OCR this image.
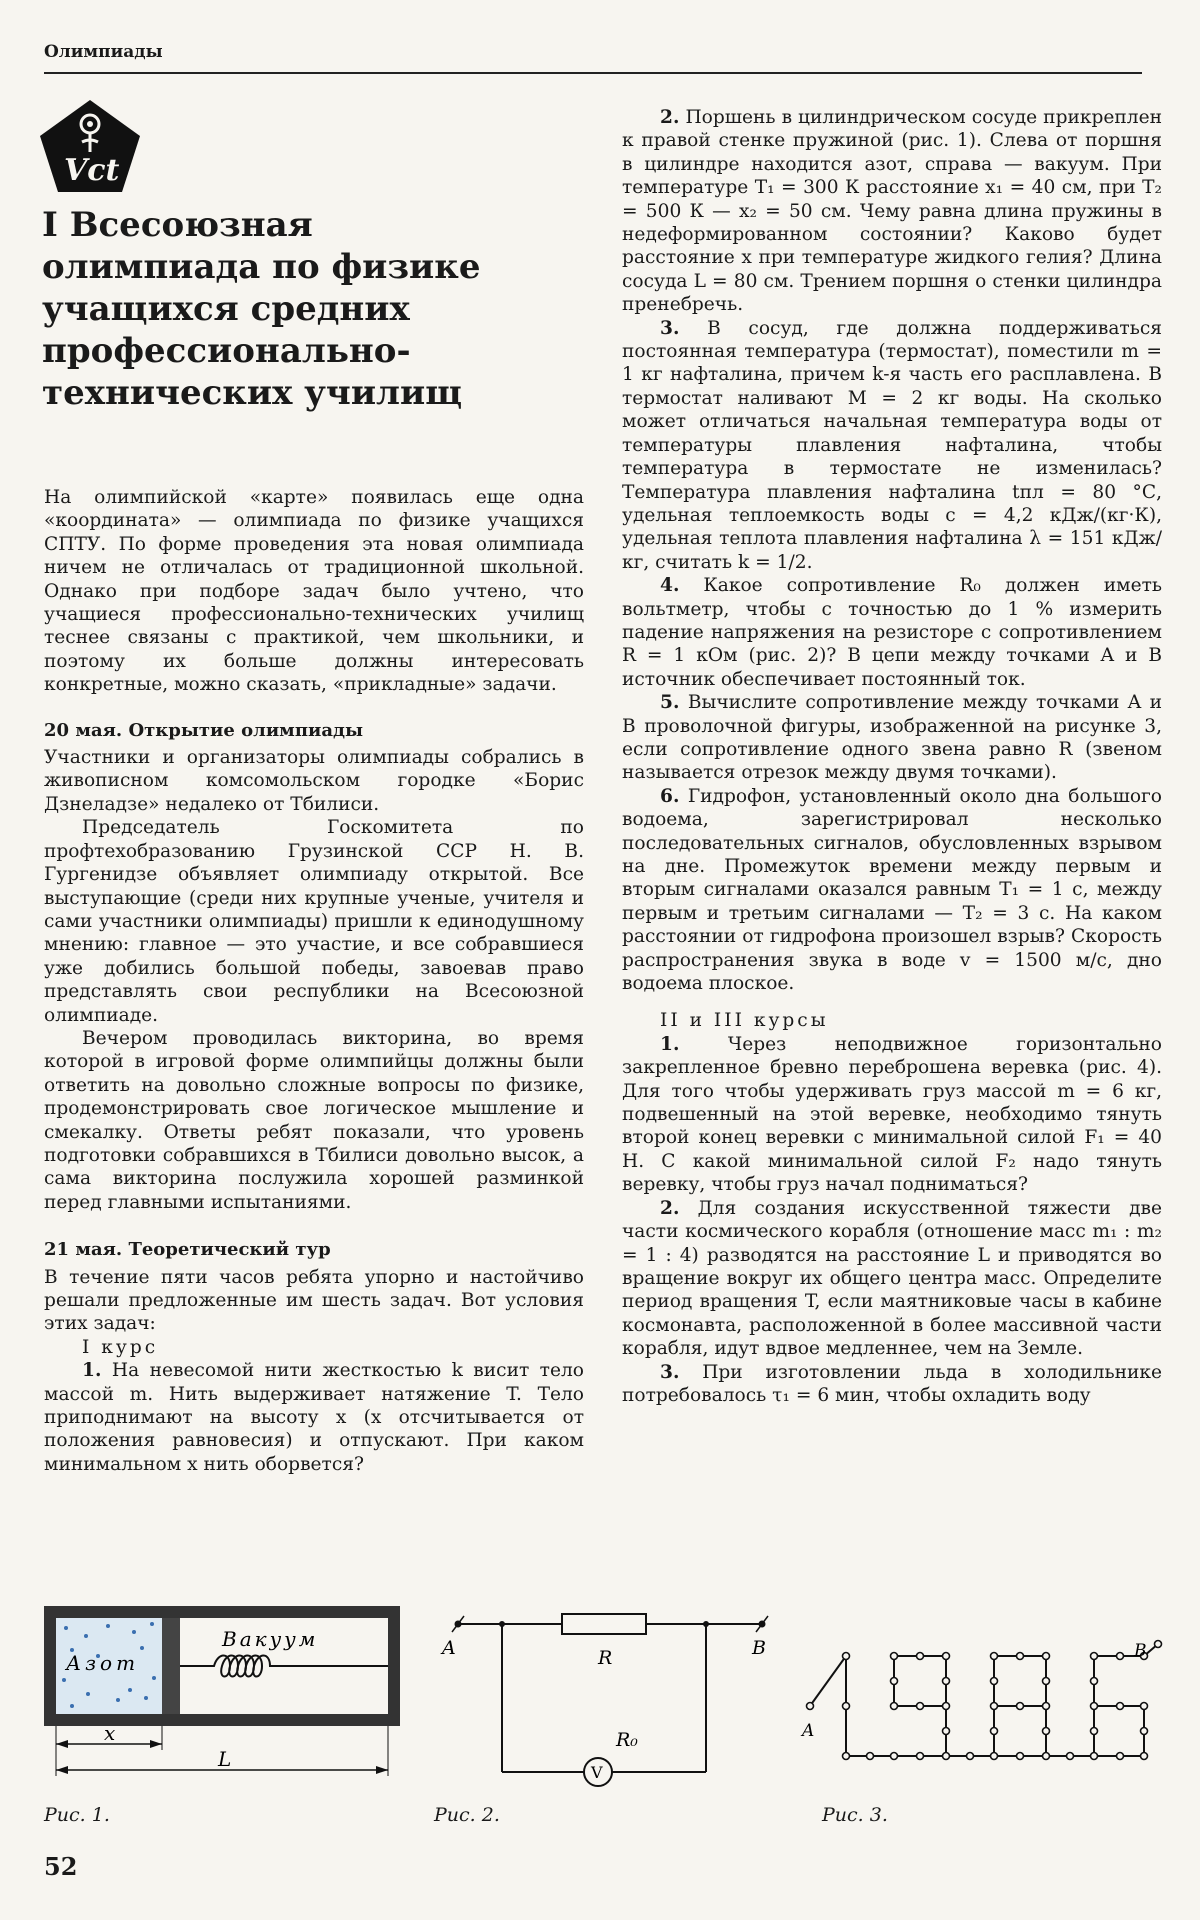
Олимпиады
Vct
I Всесоюзная
олимпиада по физике
учащихся средних
профессионально-
технических училищ

На олимпийской «карте» появилась еще одна «координата» — олимпиада по физике учащихся СПТУ. По форме проведения эта новая олимпиада ничем не отличалась от традиционной школьной. Однако при подборе задач было учтено, что учащиеся профессионально-технических училищ теснее связаны с практикой, чем школьники, и поэтому их больше должны интересовать конкретные, можно сказать, «прикладные» задачи.

20 мая. Открытие олимпиады

Участники и организаторы олимпиады собрались в живописном комсомольском городке «Борис Дзнеладзе» недалеко от Тбилиси.

Председатель Госкомитета по профтехобразованию Грузинской ССР Н. В. Гургенидзе объявляет олимпиаду открытой. Все выступающие (среди них крупные ученые, учителя и сами участники олимпиады) пришли к единодушному мнению: главное — это участие, и все собравшиеся уже добились большой победы, завоевав право представлять свои республики на Всесоюзной олимпиаде.

Вечером проводилась викторина, во время которой в игровой форме олимпийцы должны были ответить на довольно сложные вопросы по физике, продемонстрировать свое логическое мышление и смекалку. Ответы ребят показали, что уровень подготовки собравшихся в Тбилиси довольно высок, а сама викторина послужила хорошей разминкой перед главными испытаниями.

21 мая. Теоретический тур

В течение пяти часов ребята упорно и настойчиво решали предложенные им шесть задач. Вот условия этих задач:

I курс

1. На невесомой нити жесткостью k висит тело массой m. Нить выдерживает натяжение T. Тело приподнимают на высоту x (x отсчитывается от положения равновесия) и отпускают. При каком минимальном x нить оборвется?

2. Поршень в цилиндрическом сосуде прикреплен к правой стенке пружиной (рис. 1). Слева от поршня в цилиндре находится азот, справа — вакуум. При температуре T₁ = 300 К расстояние x₁ = 40 см, при T₂ = 500 К — x₂ = 50 см. Чему равна длина пружины в недеформированном состоянии? Каково будет расстояние x при температуре жидкого гелия? Длина сосуда L = 80 см. Трением поршня о стенки цилиндра пренебречь.

3. В сосуд, где должна поддерживаться постоянная температура (термостат), поместили m = 1 кг нафталина, причем k-я часть его расплавлена. В термостат наливают M = 2 кг воды. На сколько может отличаться начальная температура воды от температуры плавления нафталина, чтобы температура в термостате не изменилась? Температура плавления нафталина tпл = 80 °С, удельная теплоемкость воды c = 4,2 кДж/(кг·К), удельная теплота плавления нафталина λ = 151 кДж/кг, считать k = 1/2.

4. Какое сопротивление R₀ должен иметь вольтметр, чтобы с точностью до 1 % измерить падение напряжения на резисторе с сопротивлением R = 1 кОм (рис. 2)? В цепи между точками A и B источник обеспечивает постоянный ток.

5. Вычислите сопротивление между точками A и B проволочной фигуры, изображенной на рисунке 3, если сопротивление одного звена равно R (звеном называется отрезок между двумя точками).

6. Гидрофон, установленный около дна большого водоема, зарегистрировал несколько последовательных сигналов, обусловленных взрывом на дне. Промежуток времени между первым и вторым сигналами оказался равным T₁ = 1 с, между первым и третьим сигналами — T₂ = 3 с. На каком расстоянии от гидрофона произошел взрыв? Скорость распространения звука в воде v = 1500 м/с, дно водоема плоское.

II и III курсы

1.	Через неподвижное горизонтально закрепленное бревно переброшена веревка (рис. 4). Для того чтобы удерживать груз массой m = 6 кг, подвешенный на этой веревке, необходимо тянуть второй конец веревки с минимальной силой F₁ = 40 Н. С какой минимальной силой F₂ надо тянуть веревку, чтобы груз начал подниматься?

2. Для создания искусственной тяжести две части космического корабля (отношение масс m₁ : m₂ = 1 : 4) разводятся на расстояние L и приводятся во вращение вокруг их общего центра масс. Определите период вращения T, если маятниковые часы в кабине космонавта, расположенной в более массивной части корабля, идут вдвое медленнее, чем на Земле.

3. При изготовлении льда в холодильнике потребовалось τ₁ = 6 мин, чтобы охладить воду

Вакуум
Азот
x
L
Рис. 1.
V
A	B
R
R₀
Рис. 2.
A
B
Рис. 3.
52
